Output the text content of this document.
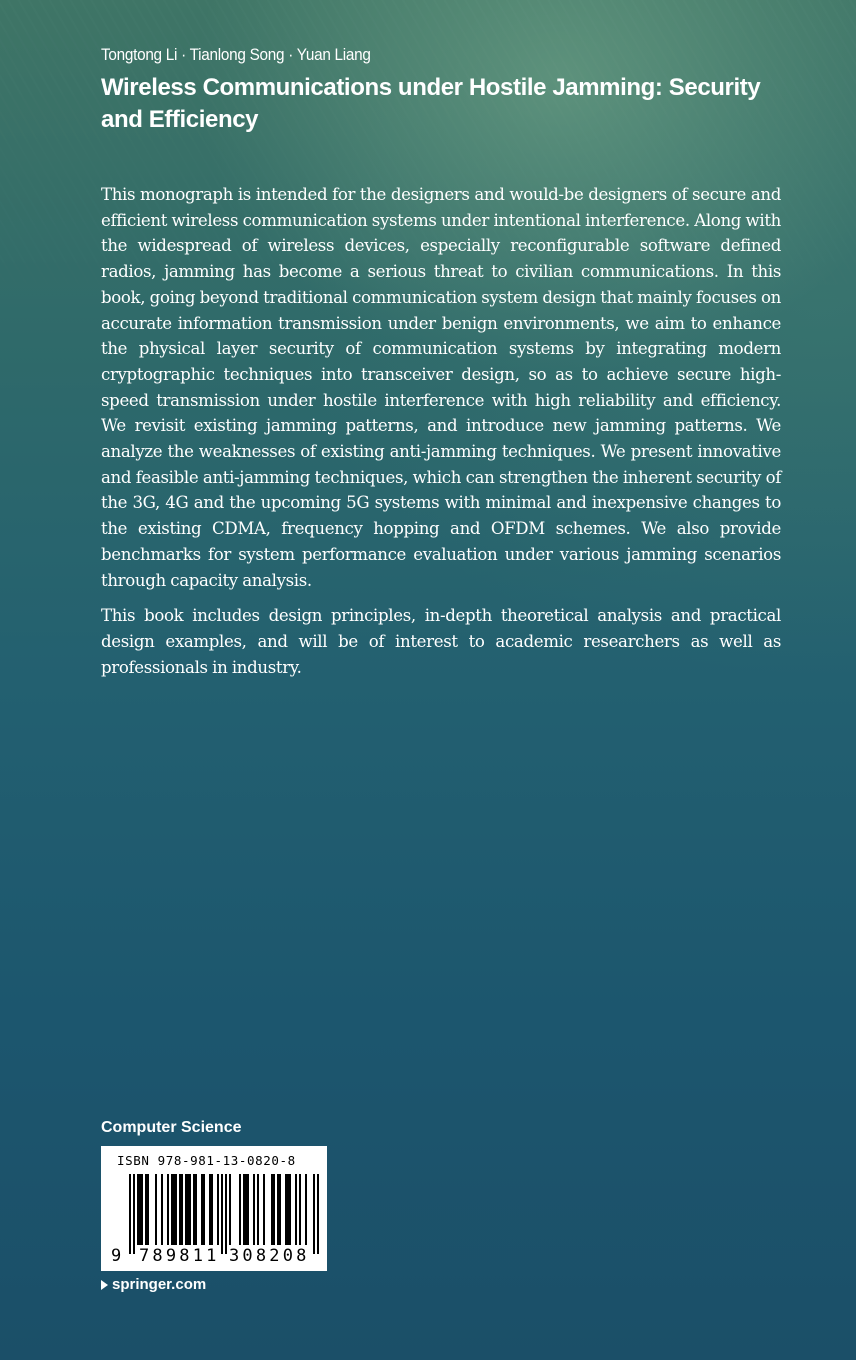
Tongtong Li · Tianlong Song · Yuan Liang
Wireless Communications under Hostile Jamming: Security and Efficiency

This monograph is intended for the designers and would-be designers of secure and efficient wireless communication systems under intentional interference. Along with the widespread of wireless devices, especially reconfigurable software defined radios, jamming has become a serious threat to civilian communications. In this book, going beyond traditional communication system design that mainly focuses on accurate information transmission under benign environments, we aim to enhance the physical layer security of communication systems by integrating modern cryptographic techniques into transceiver design, so as to achieve secure high-speed transmission under hostile interference with high reliability and efficiency. We revisit existing jamming patterns, and introduce new jamming patterns. We analyze the weaknesses of existing anti-jamming techniques. We present innovative and feasible anti-jamming techniques, which can strengthen the inherent security of the 3G, 4G and the upcoming 5G systems with minimal and inexpensive changes to the existing CDMA, frequency hopping and OFDM schemes. We also provide benchmarks for system performance evaluation under various jamming scenarios through capacity analysis.

This book includes design principles, in-depth theoretical analysis and practical design examples, and will be of interest to academic researchers as well as professionals in industry.

Computer Science
ISBN 978-981-13-0820-8
9 789811 308208
springer.com
